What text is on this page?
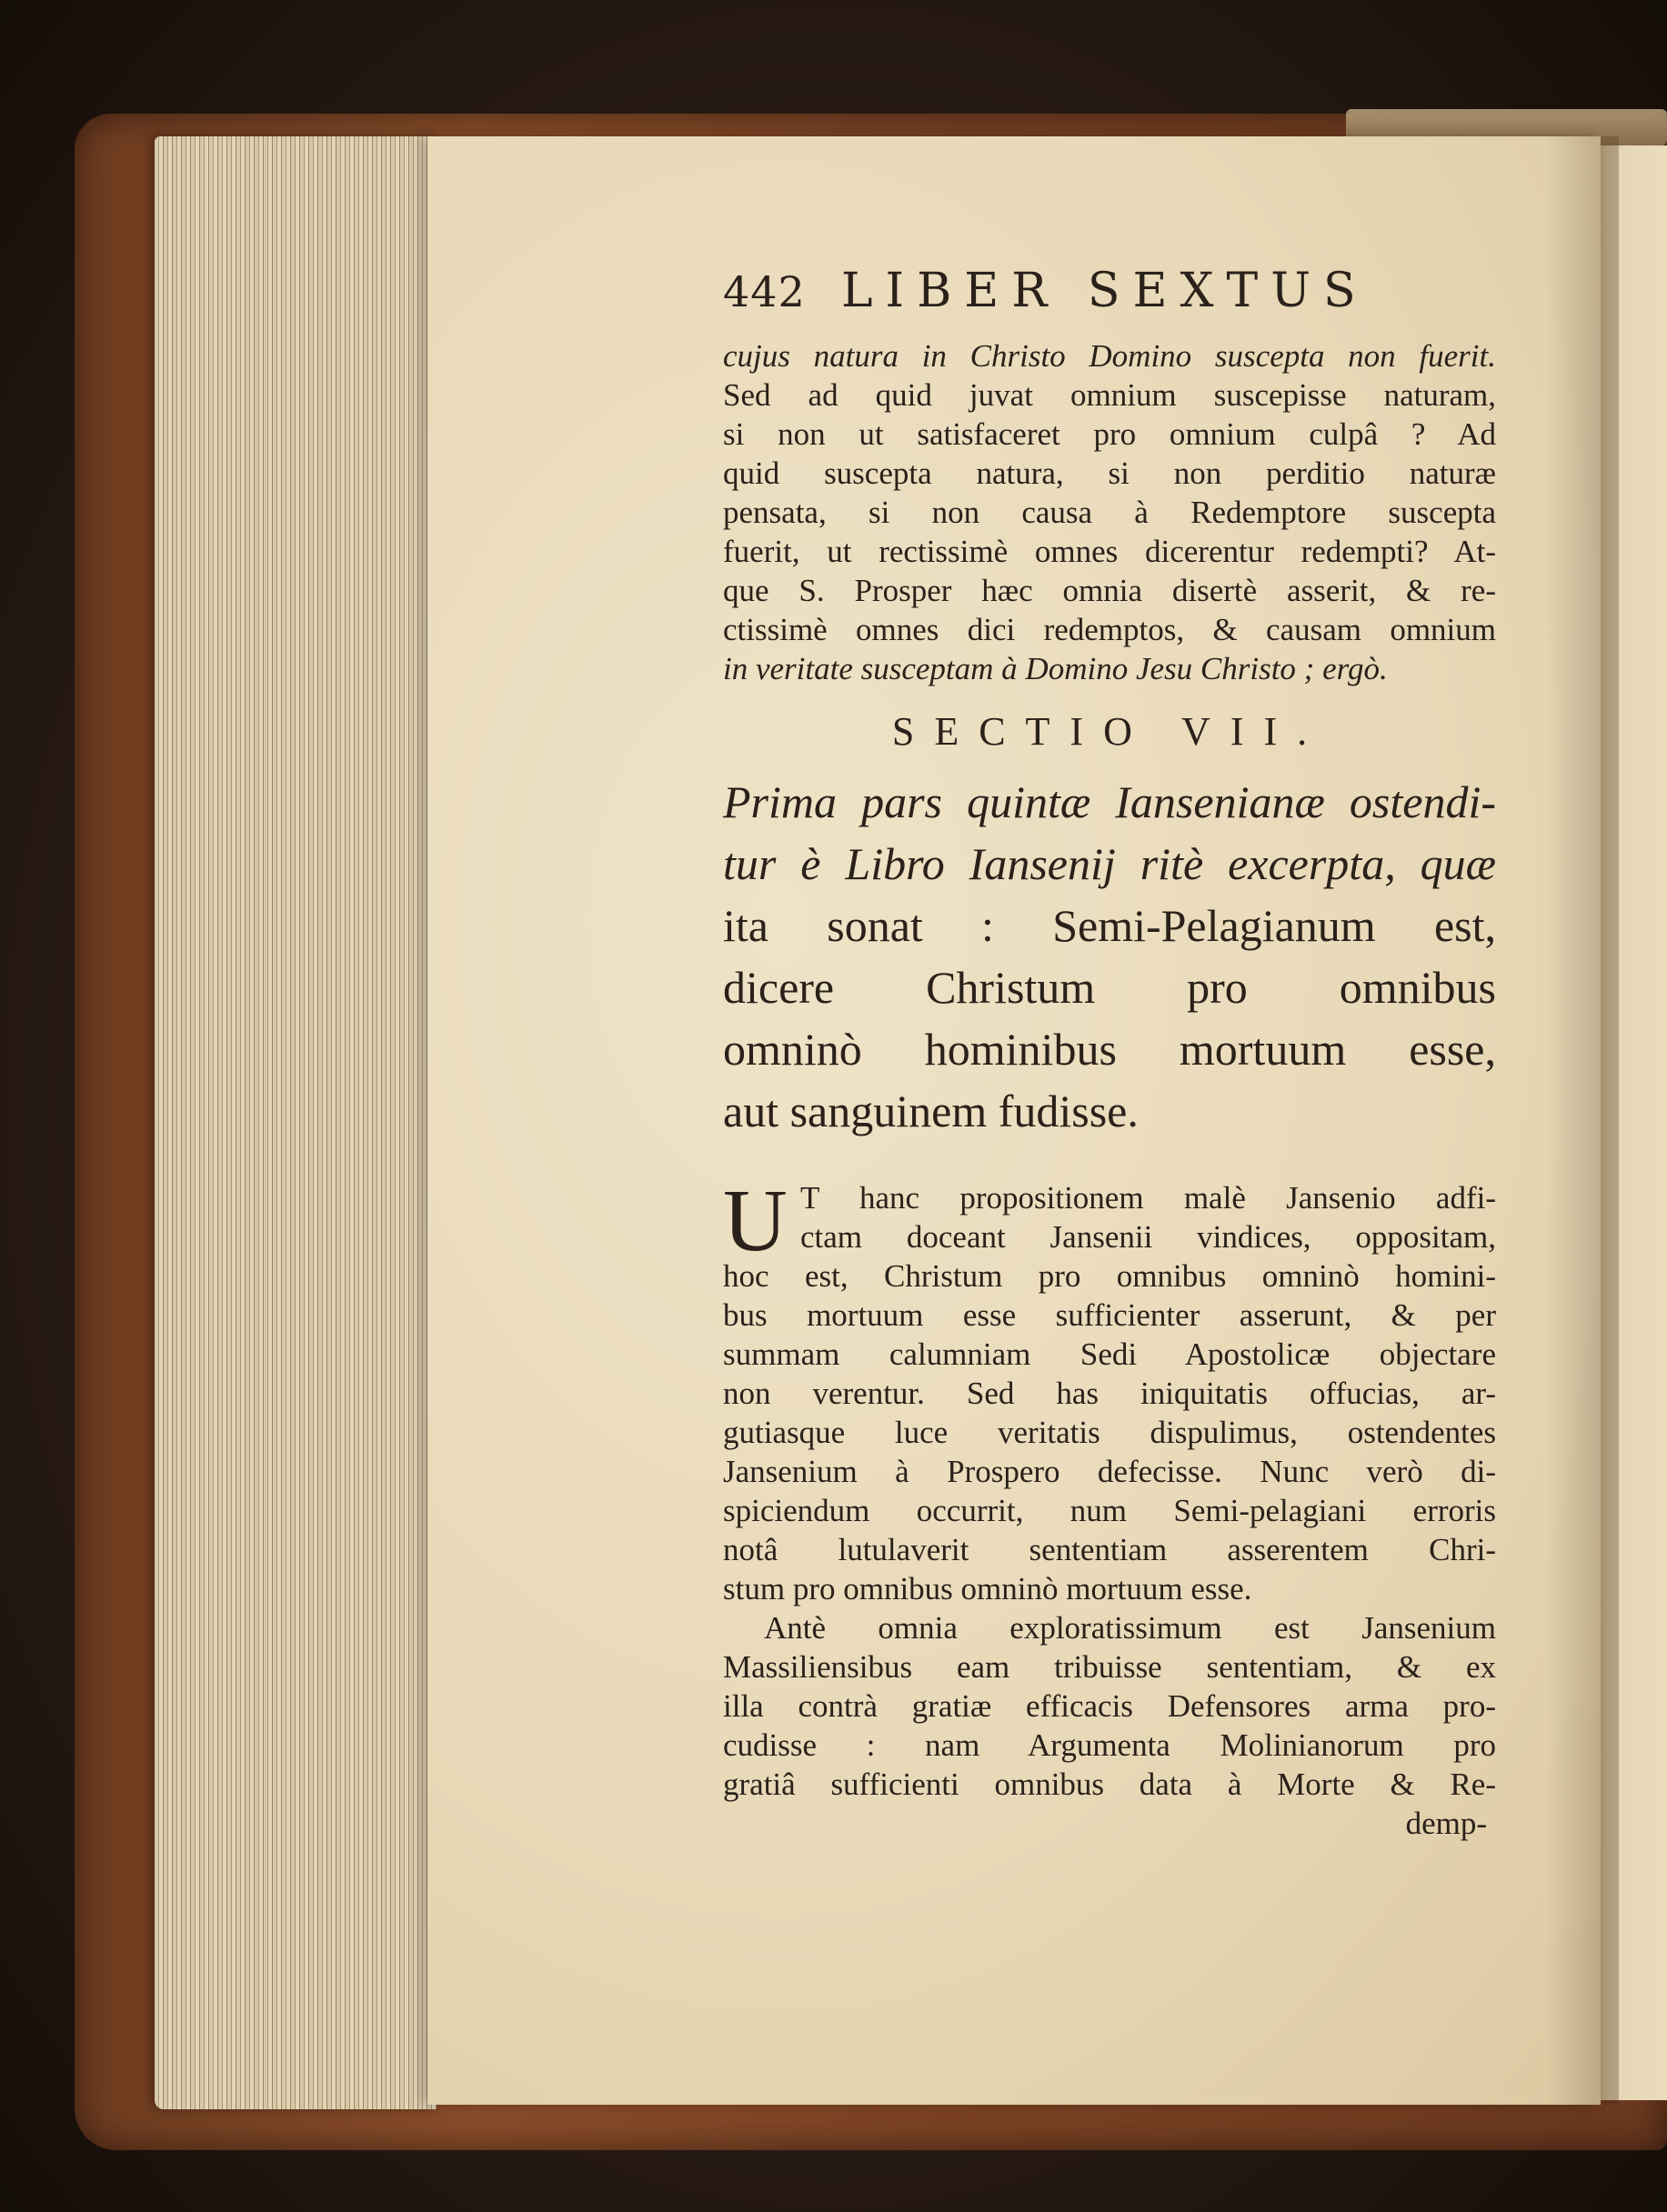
442 LIBER SEXTUS
cujus natura in Christo Domino suscepta non fuerit.
Sed ad quid juvat omnium suscepisse naturam,
si non ut satisfaceret pro omnium culpâ ? Ad
quid suscepta natura, si non perditio naturæ
pensata, si non causa à Redemptore suscepta
fuerit, ut rectissimè omnes dicerentur redempti? At-
que S. Prosper hæc omnia disertè asserit, & re-
ctissimè omnes dici redemptos, & causam omnium
in veritate susceptam à Domino Jesu Christo ; ergò.
SECTIO VII.
Prima pars quintæ Iansenianæ ostendi-
tur è Libro Iansenij ritè excerpta, quæ
ita sonat : Semi-Pelagianum est,
dicere Christum pro omnibus
omninò hominibus mortuum esse,
aut sanguinem fudisse.
U T hanc propositionem malè Jansenio adfi-
ctam doceant Jansenii vindices, oppositam,
hoc est, Christum pro omnibus omninò homini-
bus mortuum esse sufficienter asserunt, & per
summam calumniam Sedi Apostolicæ objectare
non verentur. Sed has iniquitatis offucias, ar-
gutiasque luce veritatis dispulimus, ostendentes
Jansenium à Prospero defecisse. Nunc verò di-
spiciendum occurrit, num Semi-pelagiani erroris
notâ lutulaverit sententiam asserentem Chri-
stum pro omnibus omninò mortuum esse.
Antè omnia exploratissimum est Jansenium
Massiliensibus eam tribuisse sententiam, & ex
illa contrà gratiæ efficacis Defensores arma pro-
cudisse : nam Argumenta Molinianorum pro
gratiâ sufficienti omnibus data à Morte & Re-
demp-
